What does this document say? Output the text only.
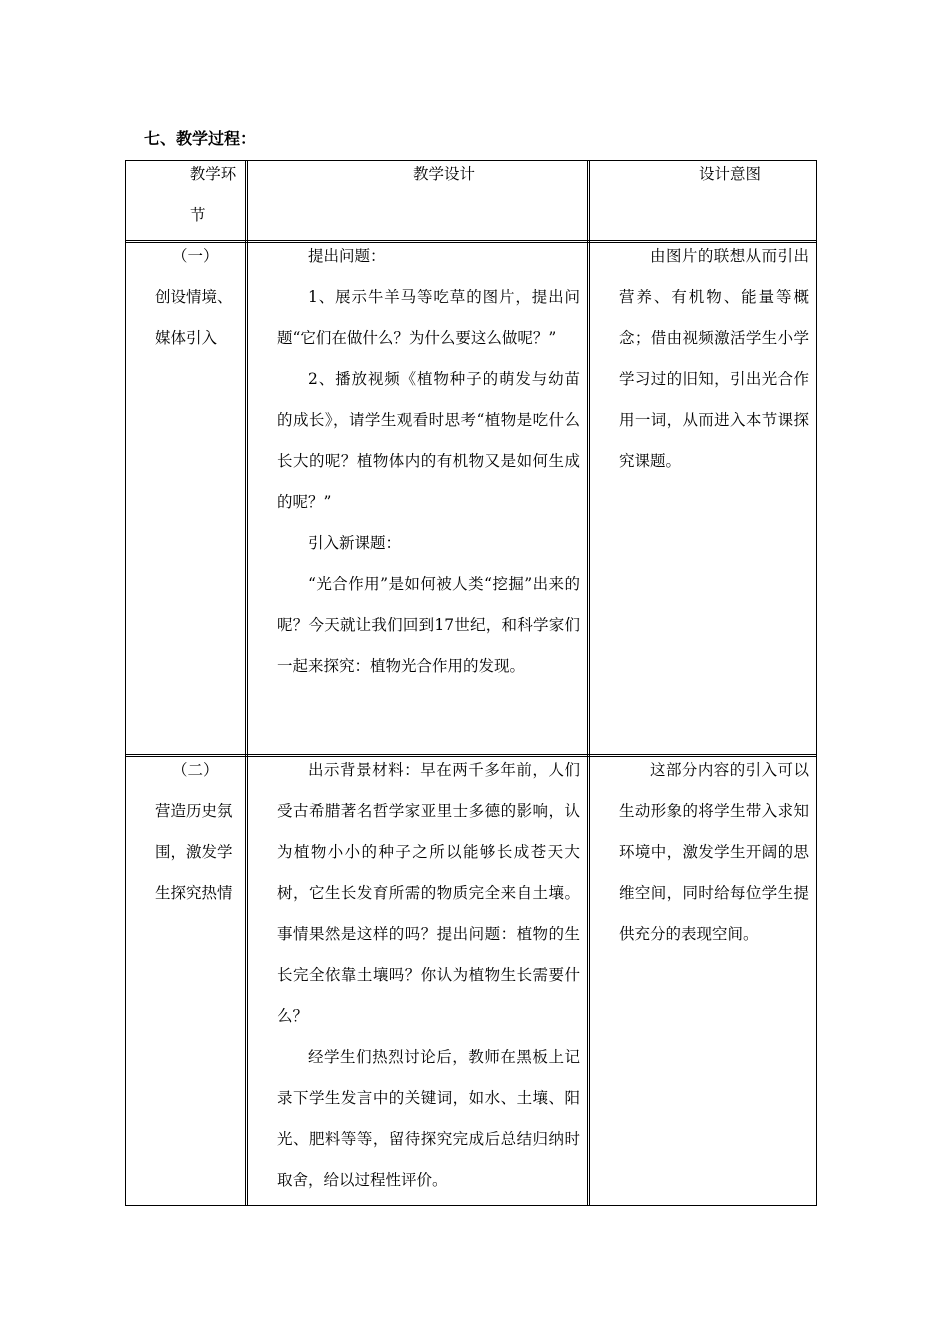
七、教学过程：

教学环

节

教学设计	设计意图

（一）

创设情境、

媒体引入

提出问题：

1、展示牛羊马等吃草的图片，提出问题“它们在做什么？为什么要这么做呢？”

2、播放视频《植物种子的萌发与幼苗的成长》，请学生观看时思考“植物是吃什么长大的呢？植物体内的有机物又是如何生成的呢？”

引入新课题：

“光合作用”是如何被人类“挖掘”出来的呢？今天就让我们回到17世纪，和科学家们一起来探究：植物光合作用的发现。

由图片的联想从而引出营养、有机物、能量等概念；借由视频激活学生小学学习过的旧知，引出光合作用一词，从而进入本节课探究课题。

（二）

营造历史氛

围，激发学

生探究热情

出示背景材料：早在两千多年前，人们受古希腊著名哲学家亚里士多德的影响，认为植物小小的种子之所以能够长成苍天大树，它生长发育所需的物质完全来自土壤。事情果然是这样的吗？提出问题：植物的生长完全依靠土壤吗？你认为植物生长需要什么？

经学生们热烈讨论后，教师在黑板上记录下学生发言中的关键词，如水、土壤、阳光、肥料等等，留待探究完成后总结归纳时取舍，给以过程性评价。

这部分内容的引入可以生动形象的将学生带入求知环境中，激发学生开阔的思维空间，同时给每位学生提供充分的表现空间。
